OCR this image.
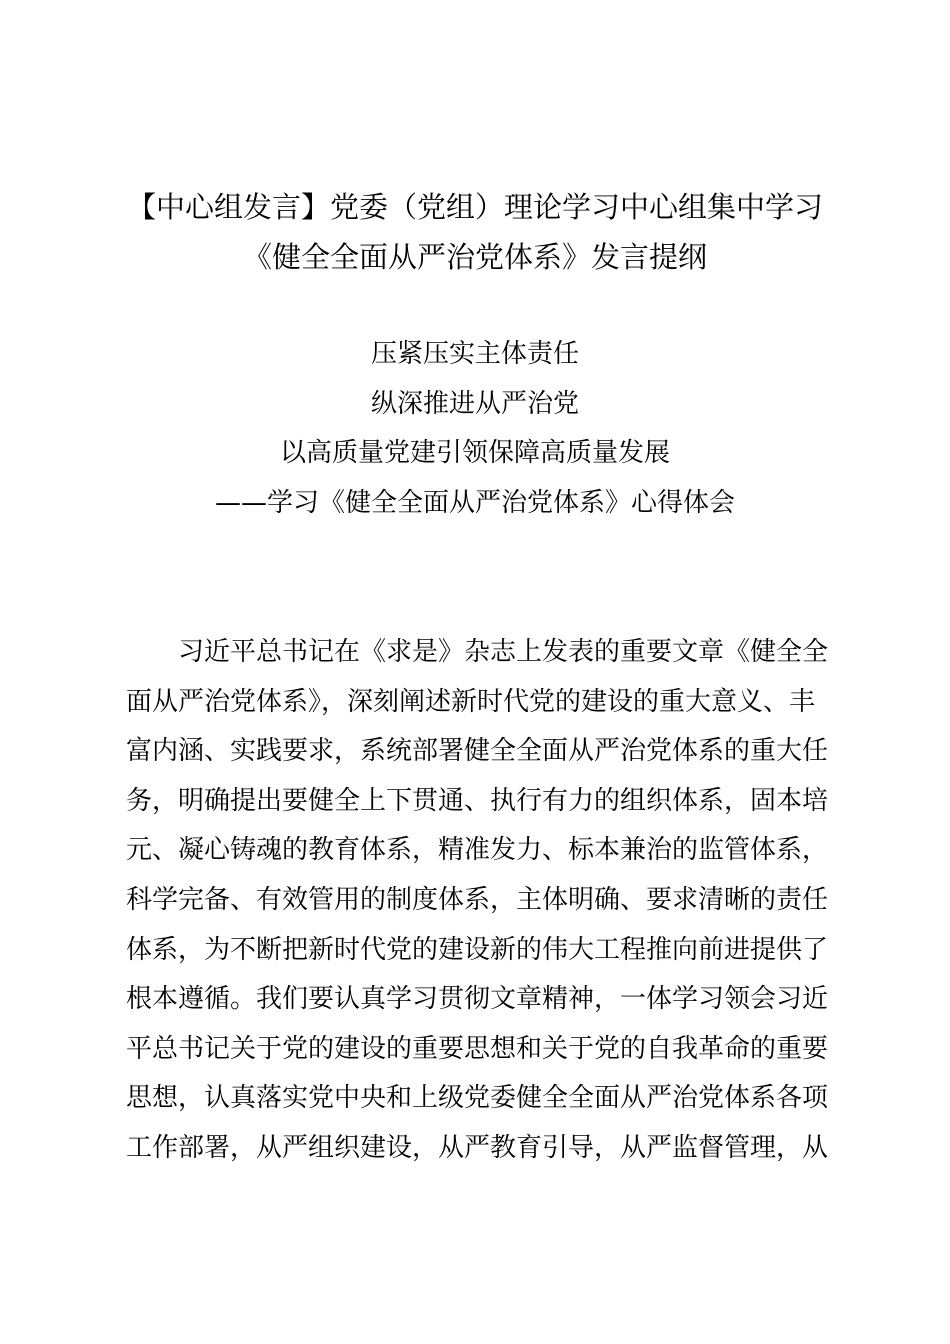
【中心组发言】党委（党组）理论学习中心组集中学习
《健全全面从严治党体系》发言提纲
压紧压实主体责任
纵深推进从严治党
以高质量党建引领保障高质量发展
——学习《健全全面从严治党体系》心得体会
习近平总书记在《求是》杂志上发表的重要文章《健全全
面从严治党体系》，深刻阐述新时代党的建设的重大意义、丰
富内涵、实践要求，系统部署健全全面从严治党体系的重大任
务，明确提出要健全上下贯通、执行有力的组织体系，固本培
元、凝心铸魂的教育体系，精准发力、标本兼治的监管体系，
科学完备、有效管用的制度体系，主体明确、要求清晰的责任
体系，为不断把新时代党的建设新的伟大工程推向前进提供了
根本遵循。我们要认真学习贯彻文章精神，一体学习领会习近
平总书记关于党的建设的重要思想和关于党的自我革命的重要
思想，认真落实党中央和上级党委健全全面从严治党体系各项
工作部署，从严组织建设，从严教育引导，从严监督管理，从
